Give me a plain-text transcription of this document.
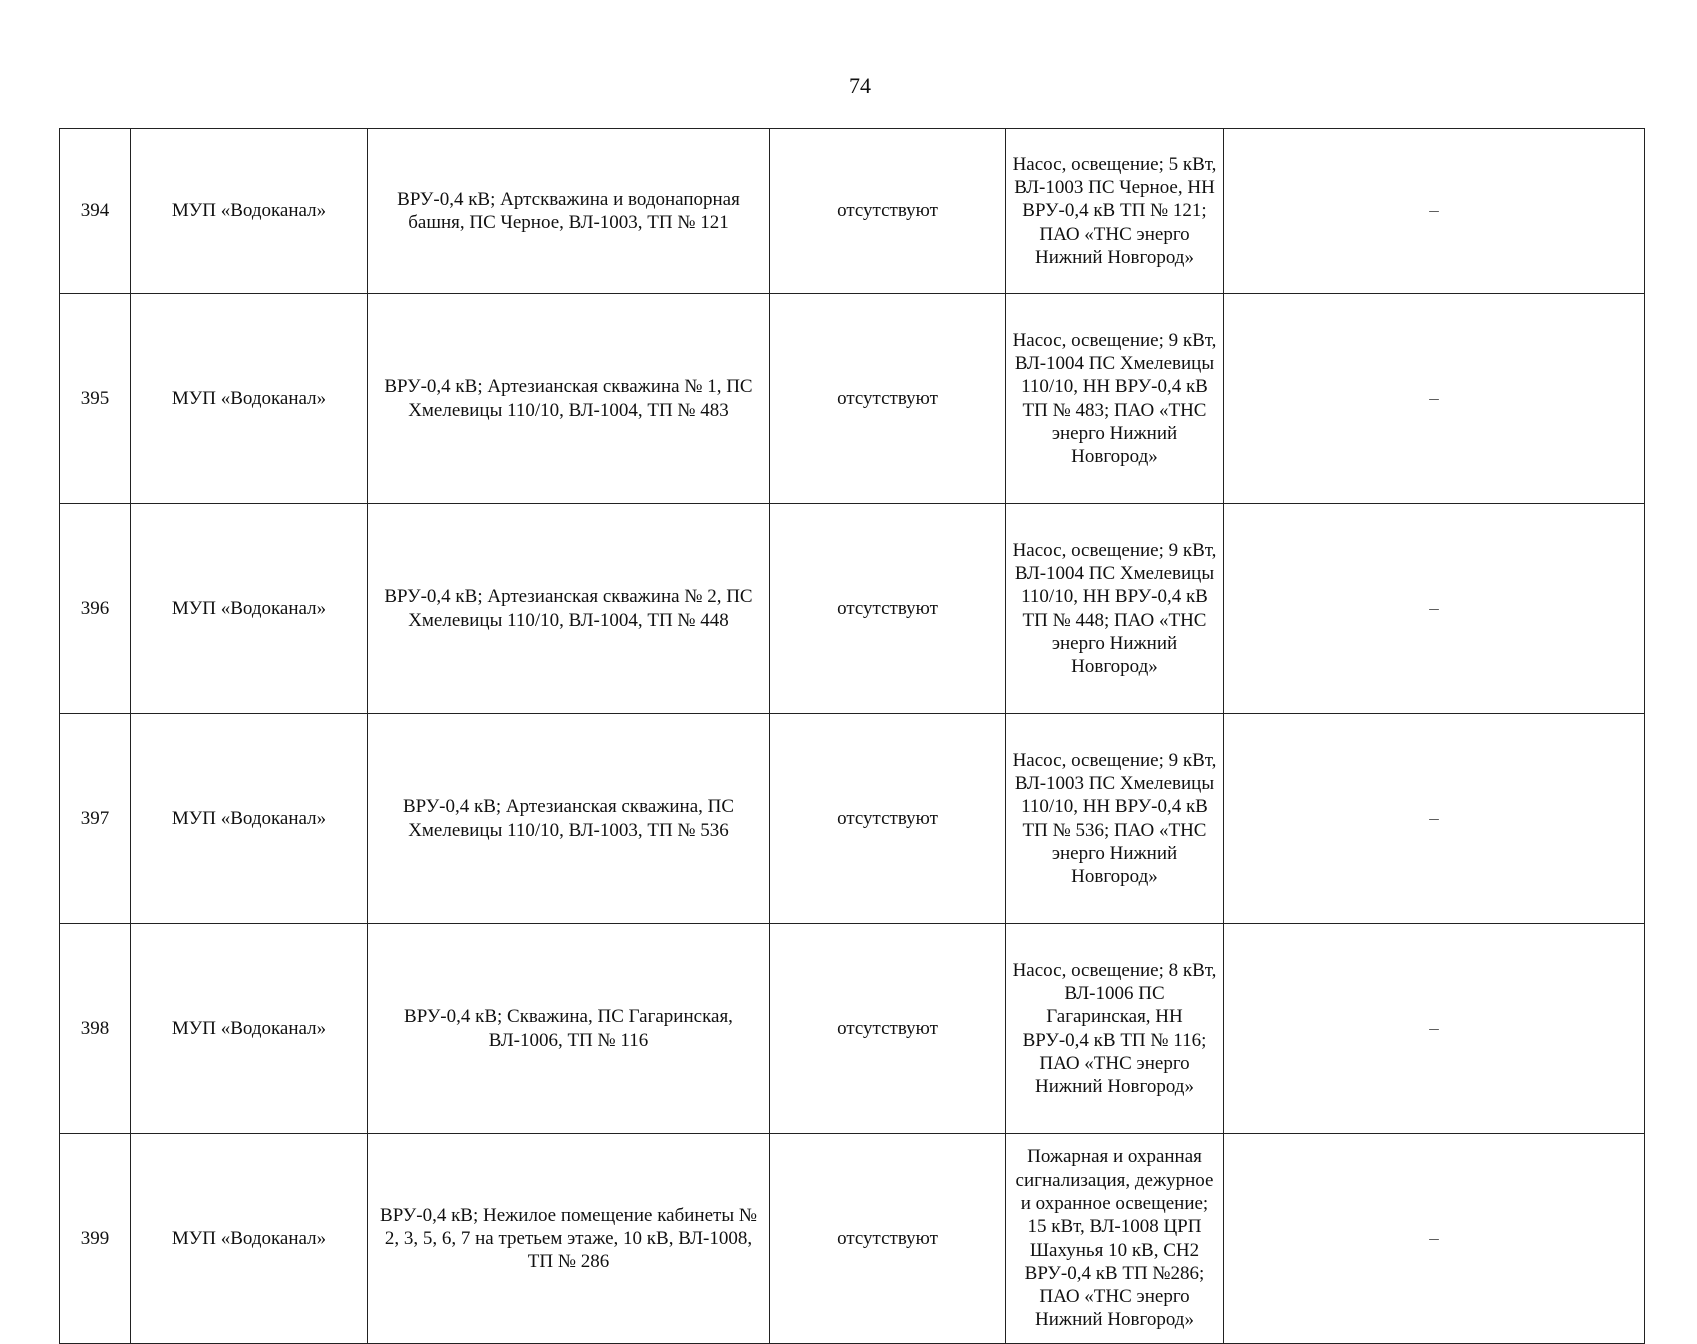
74
394	МУП «Водоканал»	ВРУ-0,4 кВ; Артскважина и водонапорная башня, ПС Черное, ВЛ-1003, ТП № 121	отсутствуют	Насос, освещение; 5 кВт, ВЛ-1003 ПС Черное, НН ВРУ-0,4 кВ ТП № 121; ПАО «ТНС энерго Нижний Новгород»	–
395	МУП «Водоканал»	ВРУ-0,4 кВ; Артезианская скважина № 1, ПС Хмелевицы 110/10, ВЛ-1004, ТП № 483	отсутствуют	Насос, освещение; 9 кВт, ВЛ-1004 ПС Хмелевицы 110/10, НН ВРУ-0,4 кВ ТП № 483; ПАО «ТНС энерго Нижний Новгород»	–
396	МУП «Водоканал»	ВРУ-0,4 кВ; Артезианская скважина № 2, ПС Хмелевицы 110/10, ВЛ-1004, ТП № 448	отсутствуют	Насос, освещение; 9 кВт, ВЛ-1004 ПС Хмелевицы 110/10, НН ВРУ-0,4 кВ ТП № 448; ПАО «ТНС энерго Нижний Новгород»	–
397	МУП «Водоканал»	ВРУ-0,4 кВ; Артезианская скважина, ПС Хмелевицы 110/10, ВЛ-1003, ТП № 536	отсутствуют	Насос, освещение; 9 кВт, ВЛ-1003 ПС Хмелевицы 110/10, НН ВРУ-0,4 кВ ТП № 536; ПАО «ТНС энерго Нижний Новгород»	–
398	МУП «Водоканал»	ВРУ-0,4 кВ; Скважина, ПС Гагаринская, ВЛ-1006, ТП № 116	отсутствуют	Насос, освещение; 8 кВт, ВЛ-1006 ПС Гагаринская, НН ВРУ-0,4 кВ ТП № 116; ПАО «ТНС энерго Нижний Новгород»	–
399	МУП «Водоканал»	ВРУ-0,4 кВ; Нежилое помещение кабинеты № 2, 3, 5, 6, 7 на третьем этаже, 10 кВ, ВЛ-1008, ТП № 286	отсутствуют	Пожарная и охранная сигнализация, дежурное и охранное освещение; 15 кВт, ВЛ-1008 ЦРП Шахунья 10 кВ, СН2 ВРУ-0,4 кВ ТП №286; ПАО «ТНС энерго Нижний Новгород»	–
